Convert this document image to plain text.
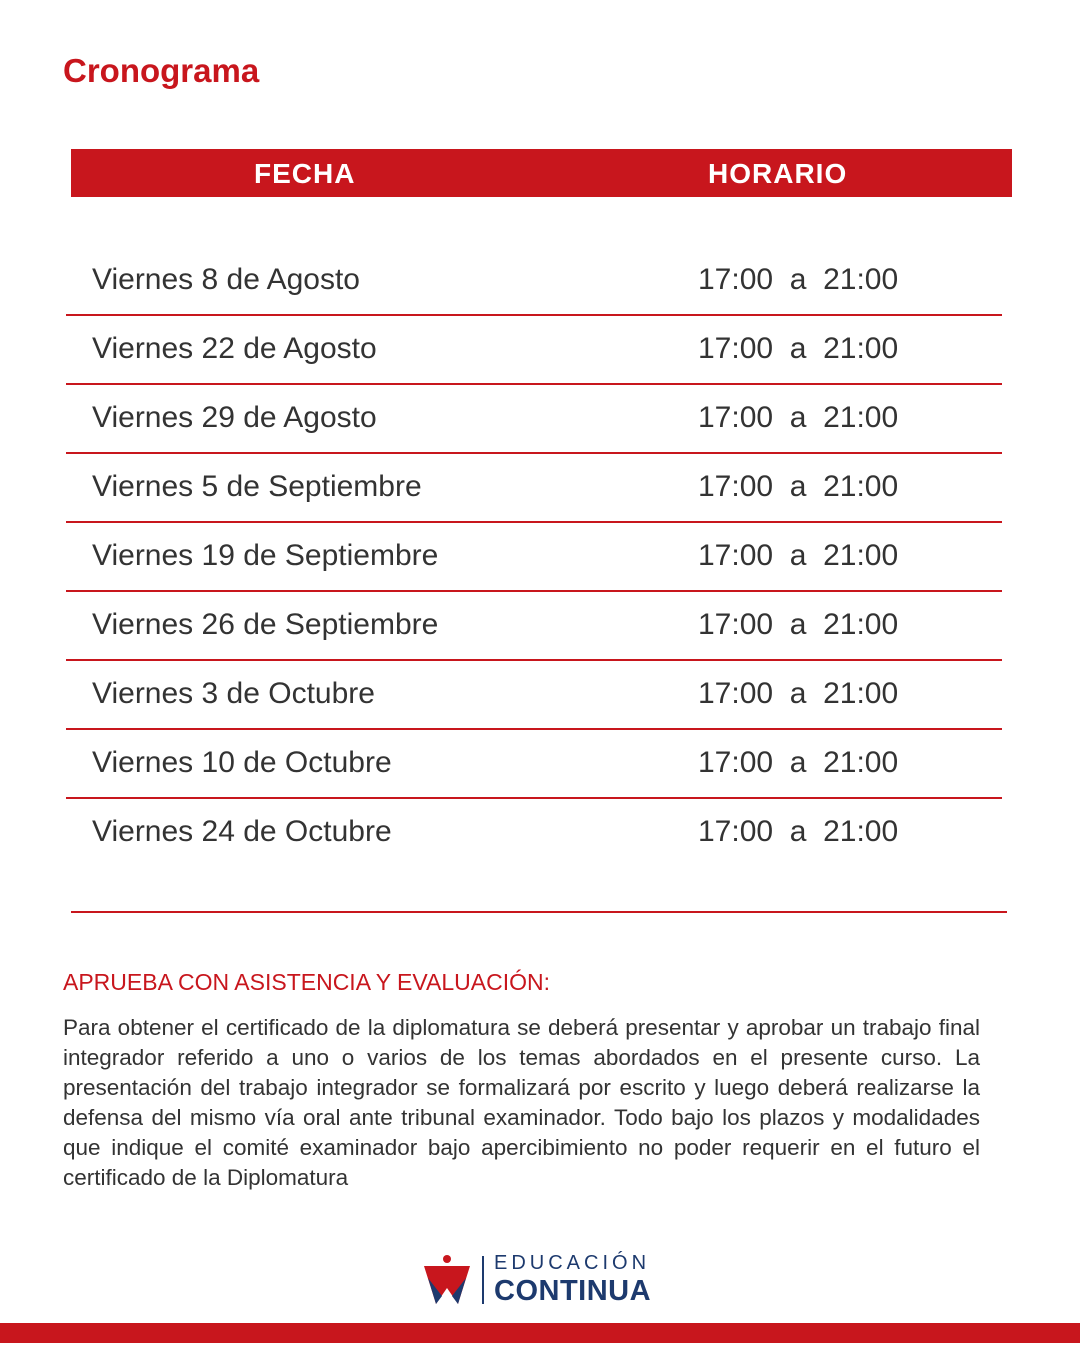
Cronograma
FECHA	HORARIO
Viernes 8 de Agosto	17:00  a  21:00
Viernes 22 de Agosto	17:00  a  21:00
Viernes 29 de Agosto	17:00  a  21:00
Viernes 5 de Septiembre	17:00  a  21:00
Viernes 19 de Septiembre	17:00  a  21:00
Viernes 26 de Septiembre	17:00  a  21:00
Viernes 3 de Octubre	17:00  a  21:00
Viernes 10 de Octubre	17:00  a  21:00
Viernes 24 de Octubre	17:00  a  21:00
APRUEBA CON ASISTENCIA Y EVALUACIÓN:

Para obtener el certificado de la diplomatura se deberá presentar y aprobar un trabajo final integrador referido a uno o varios de los temas abordados en el presente curso. La presentación del trabajo integrador se formalizará por escrito y luego deberá realizarse la defensa del mismo vía oral ante tribunal examinador. Todo bajo los plazos y modalidades que indique el comité examinador bajo apercibimiento no poder requerir en el futuro el certificado de la Diplomatura

EDUCACIÓN
CONTINUA
